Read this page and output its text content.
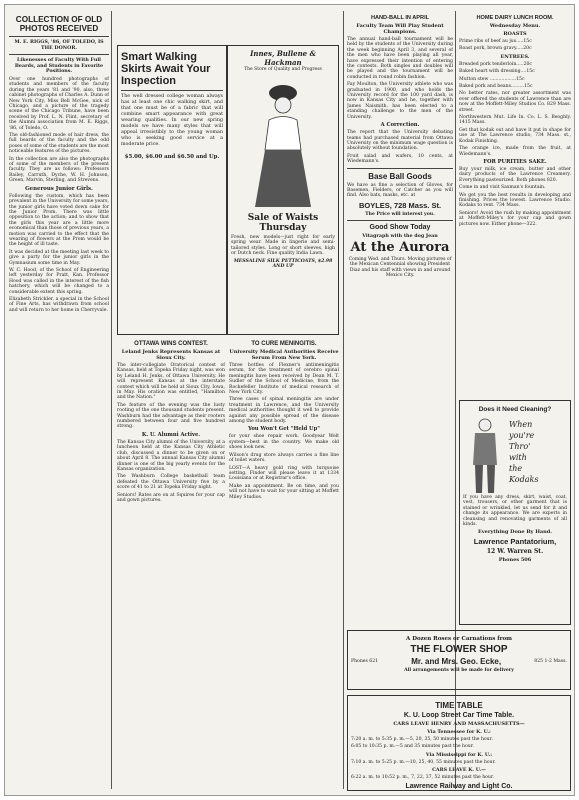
COLLECTION OF OLD PHOTOS RECEIVED
M. E. RIGGS, '86, OF TOLEDO, IS THE DONOR.
Likenesses of Faculty With Full Beards, and Students in Favorite Positions.

Over one hundred photographs of students and members of the faculty during the years '81 and '90, also, three cabinet photographs of Charles A. Dunn of New York City, Miss Bell McGee, nick of Chicago, and a picture of the tragedy scene of the Chicago Tribune, have been received by Prof. L. N. Flint, secretary of the Alumni association from M. E. Riggs, '86, of Toledo, O.

The old-fashioned mode of hair dress, the full beards of the faculty and the odd poses of some of the students are the most noticeable features of the pictures.

In the collection are also the photographs of some of the members of the present faculty. They are as follows: Professors Bailey, Carruth, Dyche, W. H. Johnson, Green, Marvin, Sterling, and Strevens.

Generous Junior Girls.

Following the custom, which has been prevalent in the University for some years, the junior girls have voted down cake for the Junior Prom. There was little opposition to the action; and to show that the girls this year are a little more economical than those of previous years, a motion was carried to the effect that the wearing of flowers at the Prom would be the height of ill taste.

It was decided at the meeting last week to give a party for the junior girls in the Gymnasium some time in May.

W. C. Hood, of the School of Engineering left yesterday for Pratt, Kan. Professor Hood was called in the interest of the fish hatchery, which will be changed to a considerable extent this spring.

Elizabeth Strickler, a special in the School of Fine Arts, has withdrawn from school and will return to her home in Cherryvale.

Smart Walking Skirts Await Your Inspection

The well dressed college woman always has at least one chic walking skirt, and that one must be of a fabric that will combine smart appearance with great wearing qualities. In our new spring models we have many styles that will appeal irresistibly to the young woman who is seeking good service at a moderate price.

$5.00, $6.00 and $6.50 and Up.
Innes, Bullene & Hackman
The Store of Quality and Progress
Sale of Waists Thursday

Fresh, new models—just right for early spring wear. Made in lingerie and semi-tailored styles. Long or short sleeves, high or Dutch neck. Fine quality India Lawn.

MESSALINE SILK PETTICOATS, $2.98 AND UP
OTTAWA WINS CONTEST.
Leland Jenks Represents Kansas at Sioux City.

The inter-collegiate Oratorical contest of Kansas, held at Topeka Friday night, was won by Leland H. Jenks, of Ottawa University. He will represent Kansas at the interstate contest which will be held at Sioux City, Iowa, in May. His oration was entitled, "Hamilton and the Nation."

The feature of the evening was the lusty rooting of the one thousand students present. Washburn had the advantage as their rooters numbered between four and five hundred strong.

K. U. Alumni Active.

The Kansas City alumni of the University, at a luncheon held at the Kansas City Athletic club, discussed a dinner to be given on or about April 8. The annual Kansas City alumni dinner is one of the big yearly events for the Kansas organization.

The Washburn College basketball team defeated the Ottawa University five by a score of 41 to 21 at Topeka Friday night.

Seniors! Rates are on at Squires for your cap and gown pictures.

TO CURE MENINGITIS.
University Medical Authorities Receive Serum From New York.

Three bottles of Flexner's antimeningitis serum, for the treatment of cerebro spinal meningitis have been received by Dean M. T. Sudler of the School of Medicine, from the Rockefeller Institute of medical research of New York City.

Three cases of spinal meningitis are under treatment in Lawrence, and the University medical authorities thought it well to provide against any possible spread of the disease among the student body.

You Won't Get "Held Up"

for your shoe repair work. Goodyear Welt system—best in the country. We make old shoes look new.

Wilson's drug store always carries a fine line of toilet waters.

LOST—A heavy gold ring with turquoise setting. Finder will please leave it at 1334 Louisiana or at Registrar's office.

Make an appointment. Be on time, and you will not have to wait for your sitting at Moffett Miley Studios.

HAND-BALL IN APRIL
Faculty Team Will Play Student Champions.

The annual hand-ball tournament will be held by the students of the University during the week beginning April 3, and several of the men who have been playing all year, have expressed their intention of entering the contests. Both singles and doubles will be played and the tournament will be conducted in round robin fashion.

Fay Moulton, the University athlete who was graduated in 1900, and who holds the University record for the 100 yard dash, is now in Kansas City and he, together with James Naismith, has been elected to a standing challenge to the men of the University.

A Correction.

The report that the University debating teams had purchased material from Ottawa University on the minimum wage question is absolutely without foundation.

Fruit salad and wafers, 10 cents, at Wiedemann's.

Base Ball Goods

We have as fine a selection of Gloves, for Basemen, Fielders, or Catcher as you will find. Also bats, masks, etc. at

BOYLES, 728 Mass. St.
The Price will interest you.
Good Show Today
Vitagraph with the dog Jean
At the Aurora

Coming Wed. and Thurs. Moving pictures of the Mexican Centennial showing President Diaz and his staff with views in and around Mexico City.

HOME DAIRY LUNCH ROOM.
Wednesday Menu.
ROASTS

Prime ribs of beef au jus.....15c

Roast pork, brown gravy.....20c

ENTREES.

Breaded pork tenderloin.....20c

Baked heart with dressing....15c

Mutton stew ..................15c

Baked pork and beans.........15c

No better rates, nor greater assortment was ever offered the students of Lawrence than are now at the Moffett-Miley Studios Co. 829 Mass. street.

Northwestern Mut. Life In. Co. L. S. Beoghly. 1415 Mass.

Get that kodak out and have it put in shape for use at The Lawrence studio, 734 Mass. st., Kodak Finishing.

The orange ice, made from the fruit, at Wiedemann's.

FOR PURITIES SAKE.

Buy your milk, ice cream, butter and other dairy products of the Lawrence Creamery. Everything pasteurized. Both phones 820.

Come in and visit Saxman's fountain.

We get you the best results in developing and finishing. Prices the lowest. Lawrence Studio. Kodaks to rent. 734 Mass.

Seniors! Avoid the rush by making appointment at Moffett-Miley's for your cap and gown pictures now. Either phone—322.

Does it Need Cleaning?
When
you're
Thro'
with
the
Kodaks

If you have any dress, skirt, waist, coat, vest, trousers, or other garment that is stained or wrinkled, let us send for it and change its appearance. We are experts in cleansing and renovating garments of all kinds.

Everything Done By Hand.
Lawrence Pantatorium,
12 W. Warren St.
Phones 506
A Dozen Roses or Carnations from
THE FLOWER SHOP
Phones 621	Mr. and Mrs. Geo. Ecke,	825 1-2 Mass.
All arrangements will be made for delivery
TIME TABLE
K. U. Loop Street Car Time Table.
CARS LEAVE HENRY AND MASSACHUSETTS—
Via Tennessee for K. U.:

7:20 a. m. to 5:35 p. m.—5, 20, 35, 50 minutes past the hour.

6:05 to 10:35 p. m.—5 and 35 minutes past the hour.

Via Mississippi for K. U.:

7:10 a. m. to 5:25 p. m.—10, 25, 40, 55 minutes past the hour.

CARS LEAVE K. U.—

6:22 a. m. to 10:52 p. m., 7, 22, 37, 52 minutes past the hour.

Lawrence Railway and Light Co.
